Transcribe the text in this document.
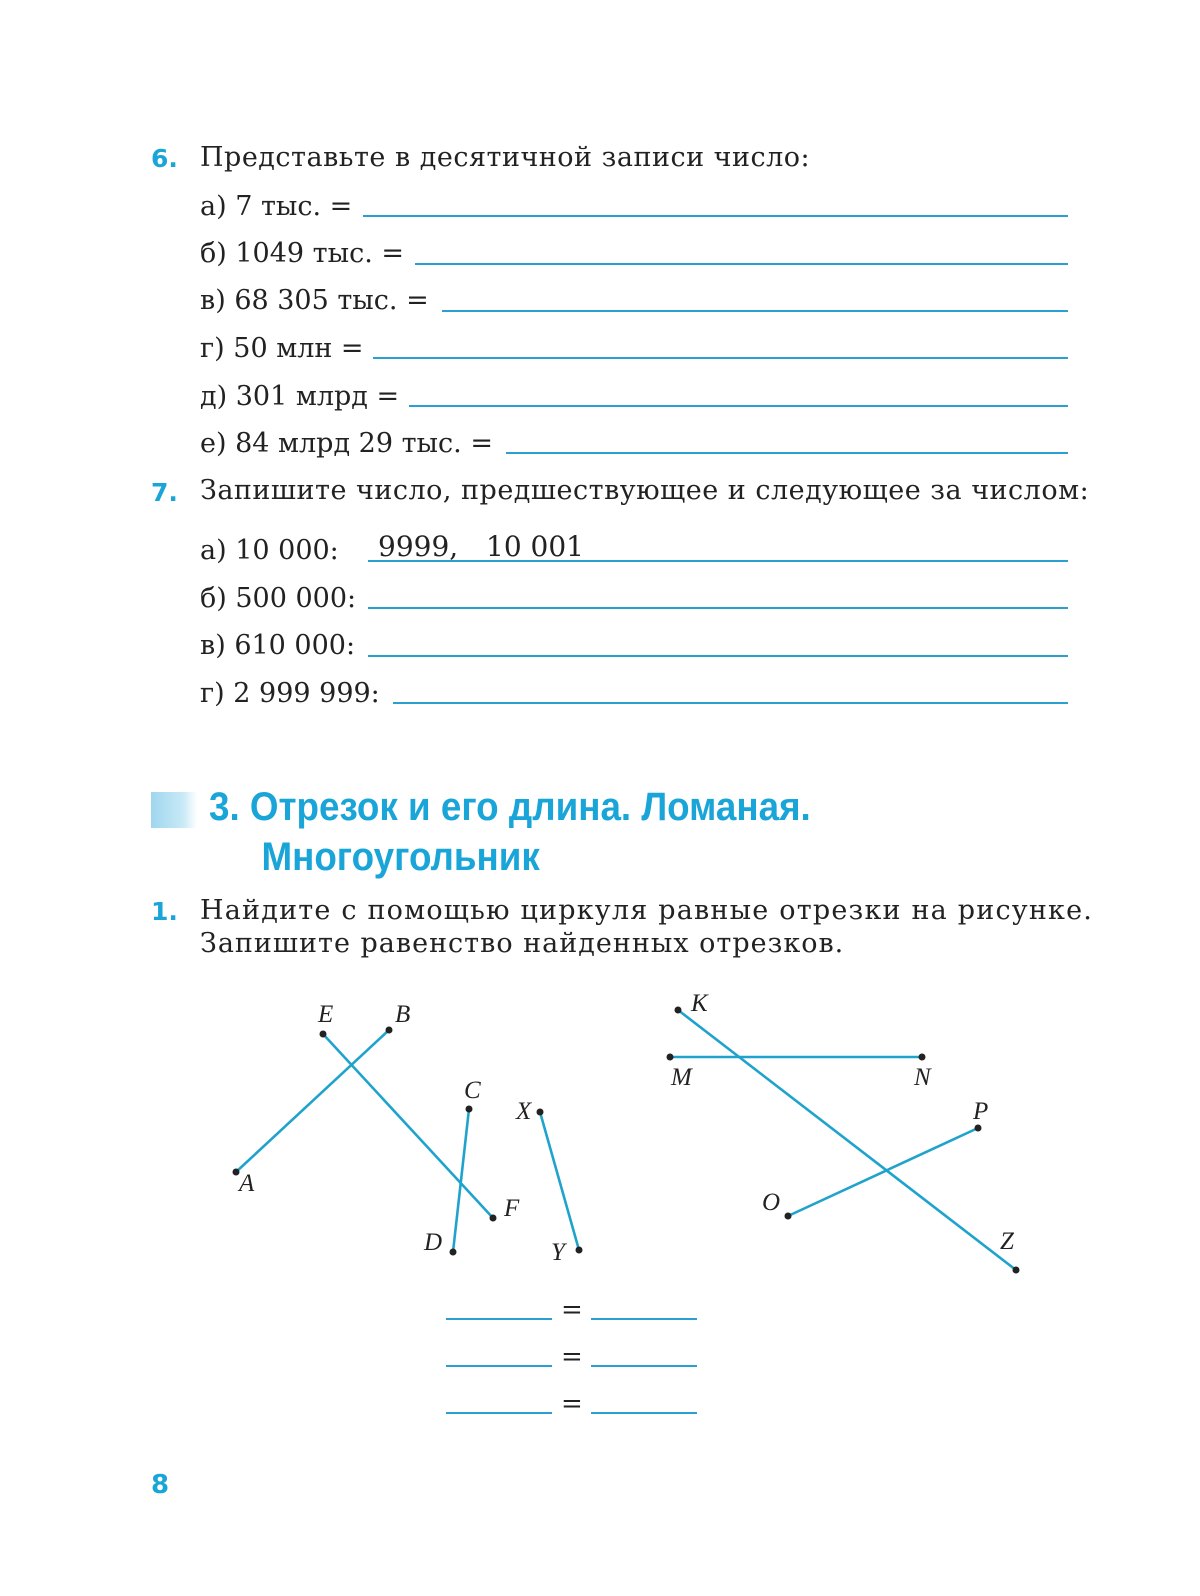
6. Представьте в десятичной записи число:
а) 7 тыс. =
б) 1049 тыс. =
в) 68 305 тыс. =
г) 50 млн =
д) 301 млрд =
е) 84 млрд 29 тыс. =
7. Запишите число, предшествующее и следующее за числом:
а) 10 000: 9999, 10 001
б) 500 000:
в) 610 000:
г) 2 999 999:
3. Отрезок и его длина. Ломаная.
Многоугольник
1. Найдите с помощью циркуля равные отрезки на рисунке.
Запишите равенство найденных отрезков.
E B
A
F
C
D
X
Y
K
M	N
P
O
Z
=
=
=
8
